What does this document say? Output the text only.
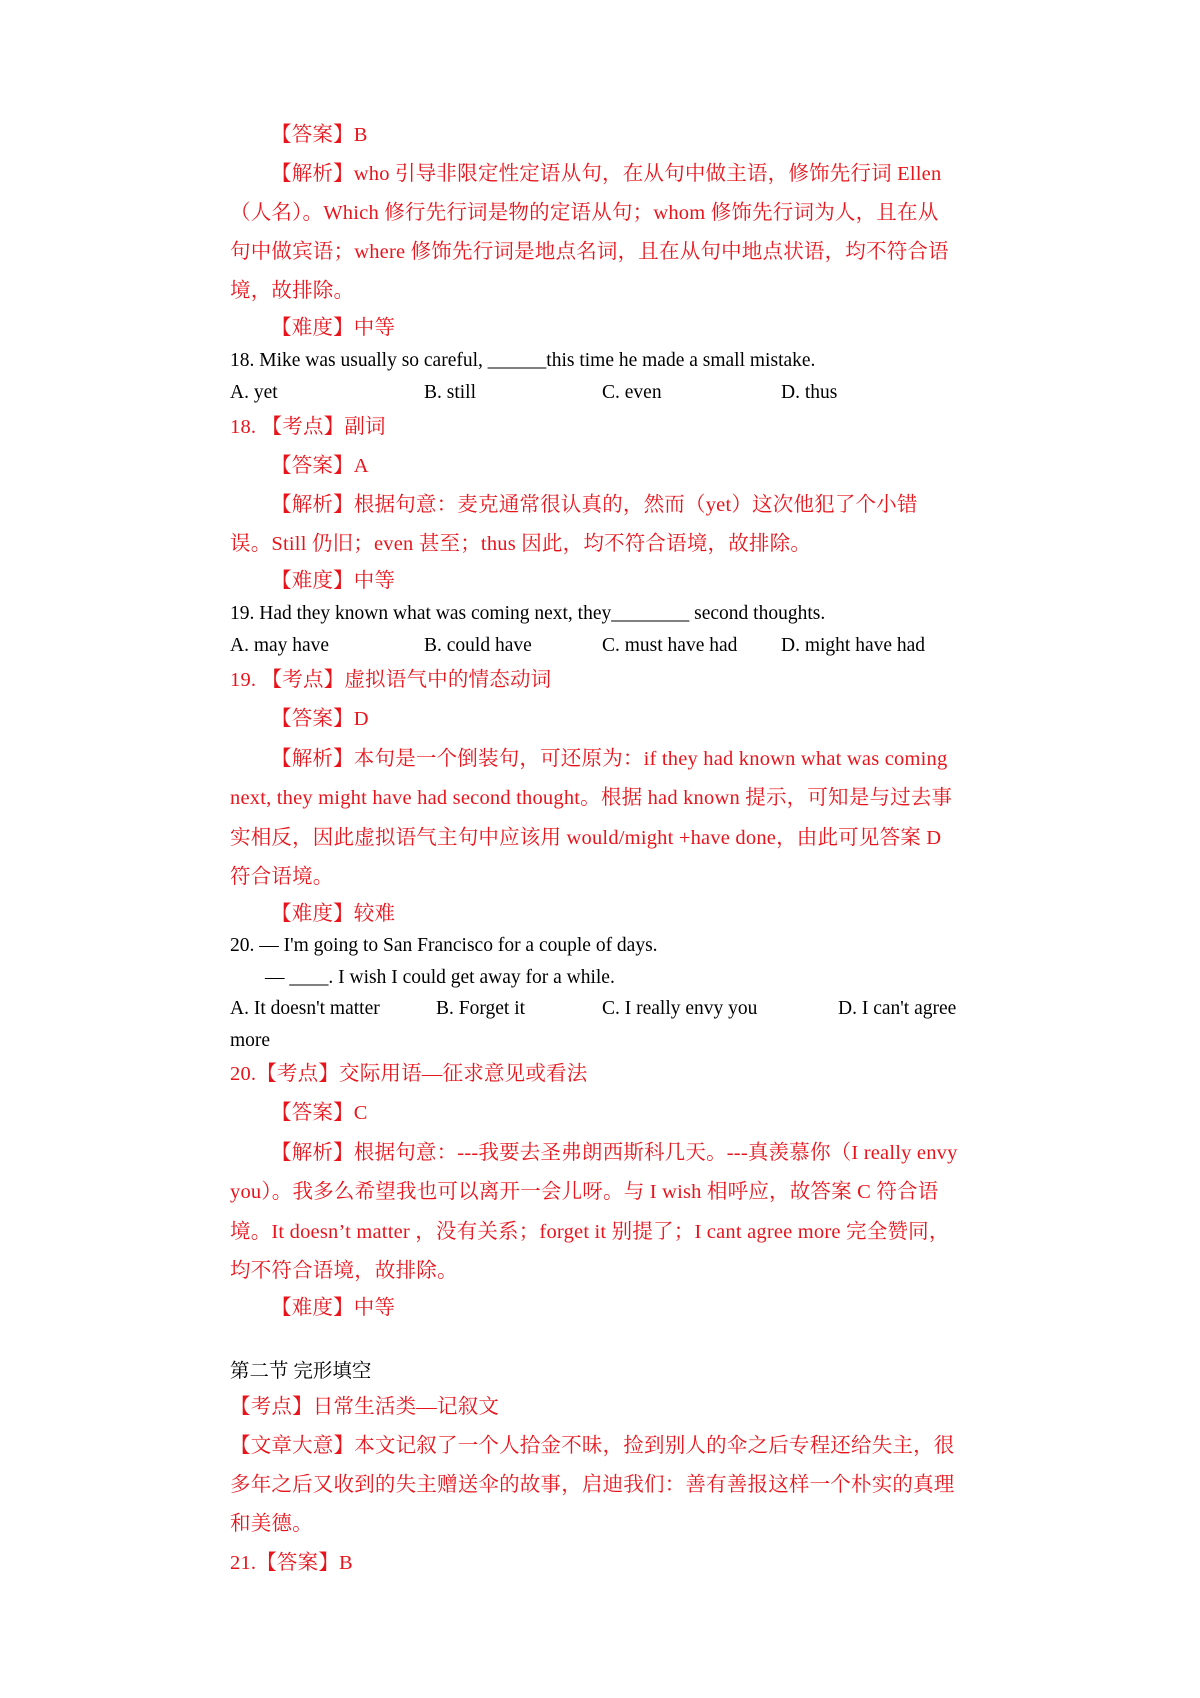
【答案】B
【解析】who 引导非限定性定语从句，在从句中做主语，修饰先行词 Ellen
（人名）。Which 修行先行词是物的定语从句；whom 修饰先行词为人，且在从
句中做宾语；where 修饰先行词是地点名词，且在从句中地点状语，均不符合语
境，故排除。
【难度】中等
18. Mike was usually so careful, ______this time he made a small mistake.
A. yet	B. still	C. even	D. thus
18. 【考点】副词
【答案】A
【解析】根据句意：麦克通常很认真的，然而（yet）这次他犯了个小错
误。Still 仍旧；even 甚至；thus 因此，均不符合语境，故排除。
【难度】中等
19. Had they known what was coming next, they________ second thoughts.
A. may have	B. could have	C. must have had D. might have had
19. 【考点】虚拟语气中的情态动词
【答案】D
【解析】本句是一个倒装句，可还原为：if they had known what was coming
next, they might have had second thought。根据 had known 提示，可知是与过去事
实相反，因此虚拟语气主句中应该用 would/might +have done，由此可见答案 D
符合语境。
【难度】较难
20. — I'm going to San Francisco for a couple of days.
— ____. I wish I could get away for a while.
A. It doesn't matter	B. Forget it	C. I really envy you	D. I can't agree
more
20.【考点】交际用语—征求意见或看法
【答案】C
【解析】根据句意：---我要去圣弗朗西斯科几天。---真羡慕你（I really envy
you）。我多么希望我也可以离开一会儿呀。与 I wish 相呼应，故答案 C 符合语
境。It doesn’t matter ，没有关系；forget it 别提了；I cant agree more 完全赞同，
均不符合语境，故排除。
【难度】中等
第二节 完形填空
【考点】日常生活类—记叙文
【文章大意】本文记叙了一个人拾金不昧，捡到别人的伞之后专程还给失主，很
多年之后又收到的失主赠送伞的故事，启迪我们：善有善报这样一个朴实的真理
和美德。
21.【答案】B
